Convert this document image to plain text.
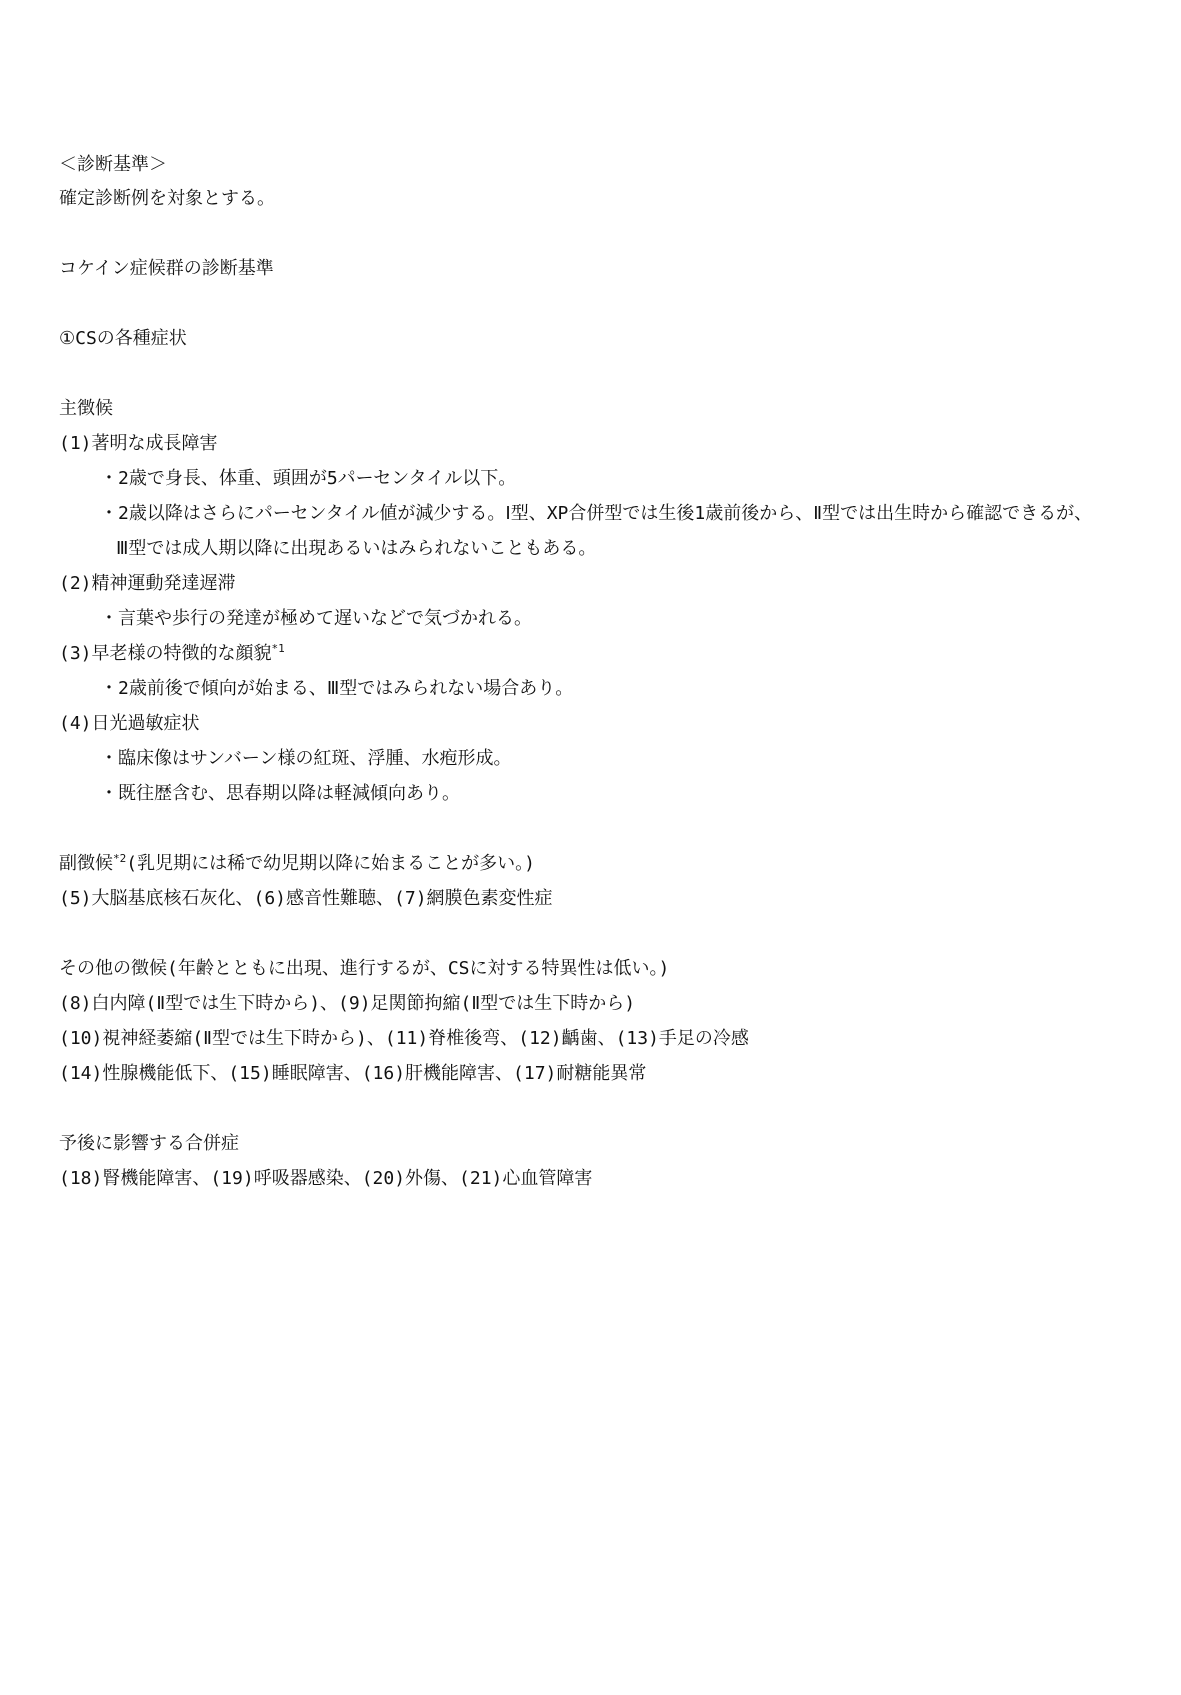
＜診断基準＞
確定診断例を対象とする。
コケイン症候群の診断基準
①CSの各種症状
主徴候
(1)著明な成長障害
・2歳で身長、体重、頭囲が5パーセンタイル以下。
・2歳以降はさらにパーセンタイル値が減少する。Ⅰ型、XP合併型では生後1歳前後から、Ⅱ型では出生時から確認できるが、
Ⅲ型では成人期以降に出現あるいはみられないこともある。
(2)精神運動発達遅滞
・言葉や歩行の発達が極めて遅いなどで気づかれる。
(3)早老様の特徴的な顔貌$^{*1}$
・2歳前後で傾向が始まる、Ⅲ型ではみられない場合あり。
(4)日光過敏症状
・臨床像はサンバーン様の紅斑、浮腫、水疱形成。
・既往歴含む、思春期以降は軽減傾向あり。
副徴候$^{*2}$(乳児期には稀で幼児期以降に始まることが多い。)
(5)大脳基底核石灰化、(6)感音性難聴、(7)網膜色素変性症
その他の徴候(年齢とともに出現、進行するが、CSに対する特異性は低い。)
(8)白内障(Ⅱ型では生下時から)、(9)足関節拘縮(Ⅱ型では生下時から)
(10)視神経萎縮(Ⅱ型では生下時から)、(11)脊椎後弯、(12)齲歯、(13)手足の冷感
(14)性腺機能低下、(15)睡眠障害、(16)肝機能障害、(17)耐糖能異常
予後に影響する合併症
(18)腎機能障害、(19)呼吸器感染、(20)外傷、(21)心血管障害
